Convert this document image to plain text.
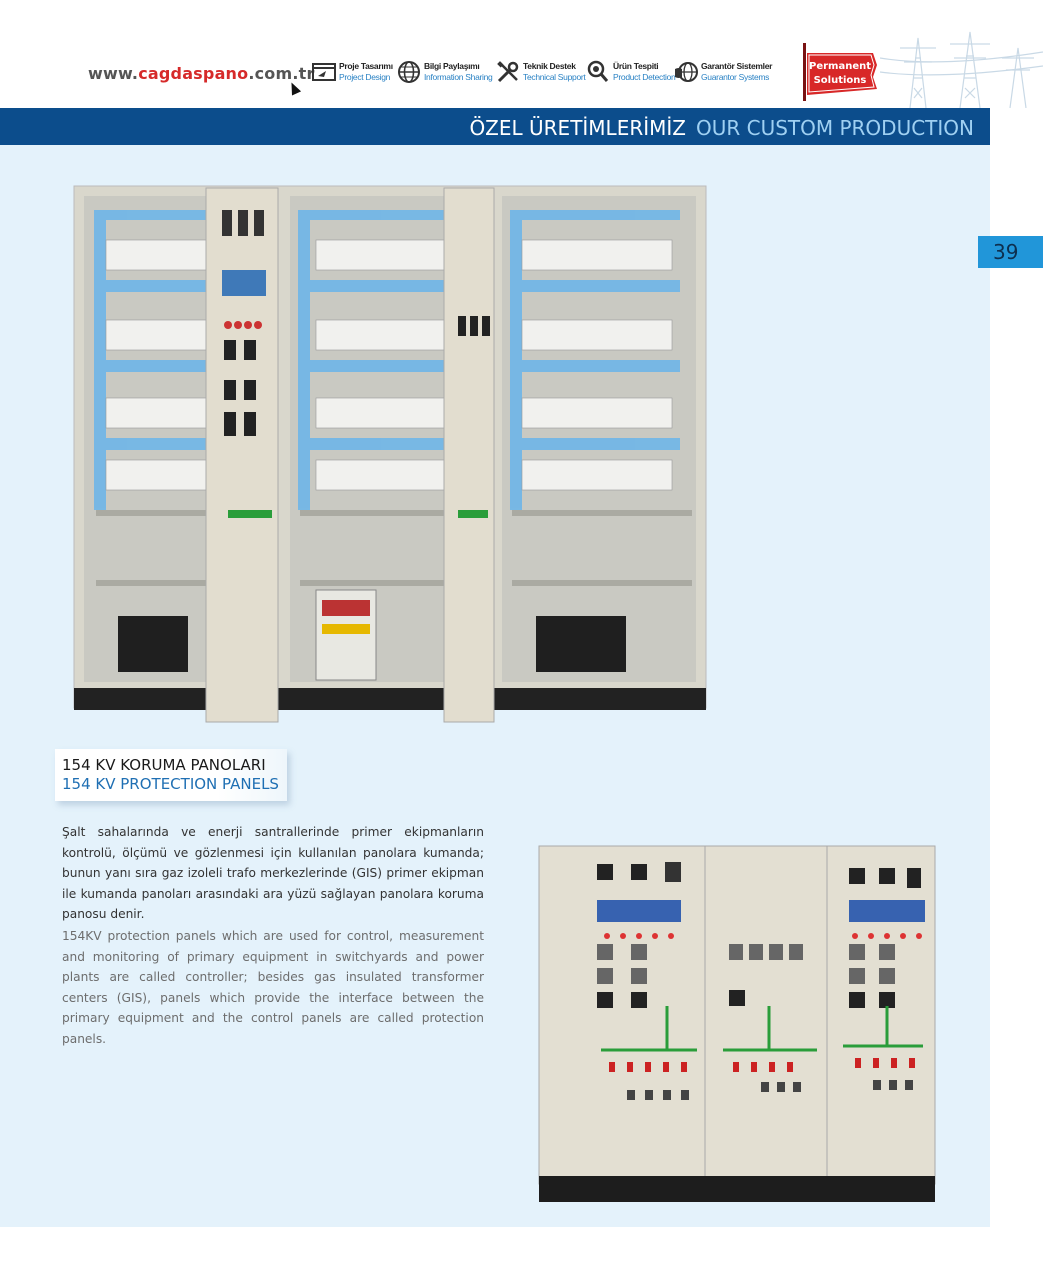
www.cagdaspano.com.tr	Proje Tasarımı
Project Design
Bilgi Paylaşımı
Information Sharing
Teknik Destek
Technical Support
Ürün Tespiti
Product Detection
Garantör Sistemler
Guarantor Systems
Permanent
Solutions
ÖZEL ÜRETİMLERİMİZ OUR CUSTOM PRODUCTION
39
154 KV KORUMA PANOLARI
154 KV PROTECTION PANELS
Şalt sahalarında ve enerji santrallerinde primer ekipmanların kontrolü, ölçümü ve gözlenmesi için kullanılan panolara kumanda; bunun yanı sıra gaz izoleli trafo merkezlerinde (GIS) primer ekipman ile kumanda panoları arasındaki ara yüzü sağlayan panolara koruma panosu denir.
154KV protection panels which are used for control, measurement and monitoring of primary equipment in switchyards and power plants are called controller; besides gas insulated transformer centers (GIS), panels which provide the interface between the primary equipment and the control panels are called protection panels.
